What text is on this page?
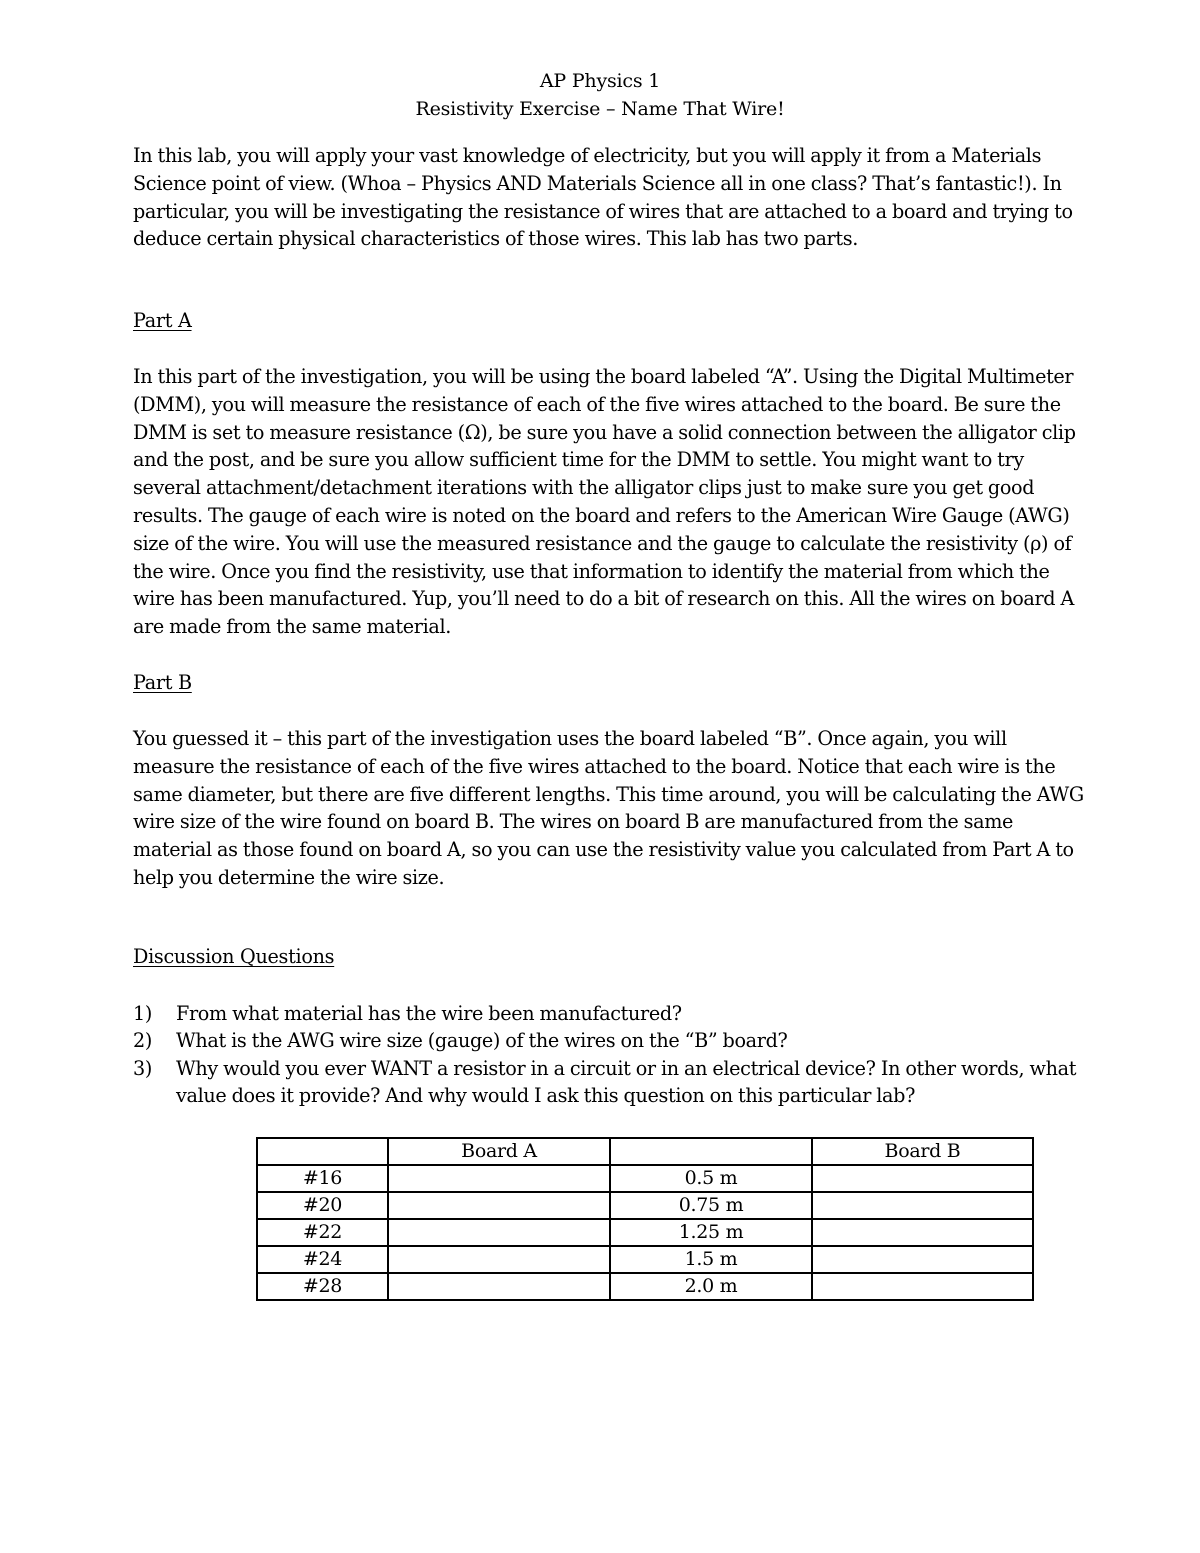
AP Physics 1
Resistivity Exercise – Name That Wire!

In this lab, you will apply your vast knowledge of electricity, but you will apply it from a Materials Science point of view. (Whoa – Physics AND Materials Science all in one class? That’s fantastic!). In particular, you will be investigating the resistance of wires that are attached to a board and trying to deduce certain physical characteristics of those wires. This lab has two parts.

Part A

In this part of the investigation, you will be using the board labeled “A”. Using the Digital Multimeter (DMM), you will measure the resistance of each of the five wires attached to the board. Be sure the DMM is set to measure resistance (Ω), be sure you have a solid connection between the alligator clip and the post, and be sure you allow sufficient time for the DMM to settle. You might want to try several attachment/detachment iterations with the alligator clips just to make sure you get good results. The gauge of each wire is noted on the board and refers to the American Wire Gauge (AWG) size of the wire. You will use the measured resistance and the gauge to calculate the resistivity (ρ) of the wire. Once you find the resistivity, use that information to identify the material from which the wire has been manufactured. Yup, you’ll need to do a bit of research on this. All the wires on board A are made from the same material.

Part B

You guessed it – this part of the investigation uses the board labeled “B”. Once again, you will measure the resistance of each of the five wires attached to the board. Notice that each wire is the same diameter, but there are five different lengths. This time around, you will be calculating the AWG wire size of the wire found on board B. The wires on board B are manufactured from the same material as those found on board A, so you can use the resistivity value you calculated from Part A to help you determine the wire size.

Discussion Questions
1) From what material has the wire been manufactured?
2) What is the AWG wire size (gauge) of the wires on the “B” board?
3) Why would you ever WANT a resistor in a circuit or in an electrical device? In other words, what value does it provide? And why would I ask this question on this particular lab?
	Board A		Board B
#16		0.5 m	
#20		0.75 m	
#22		1.25 m	
#24		1.5 m	
#28		2.0 m	
